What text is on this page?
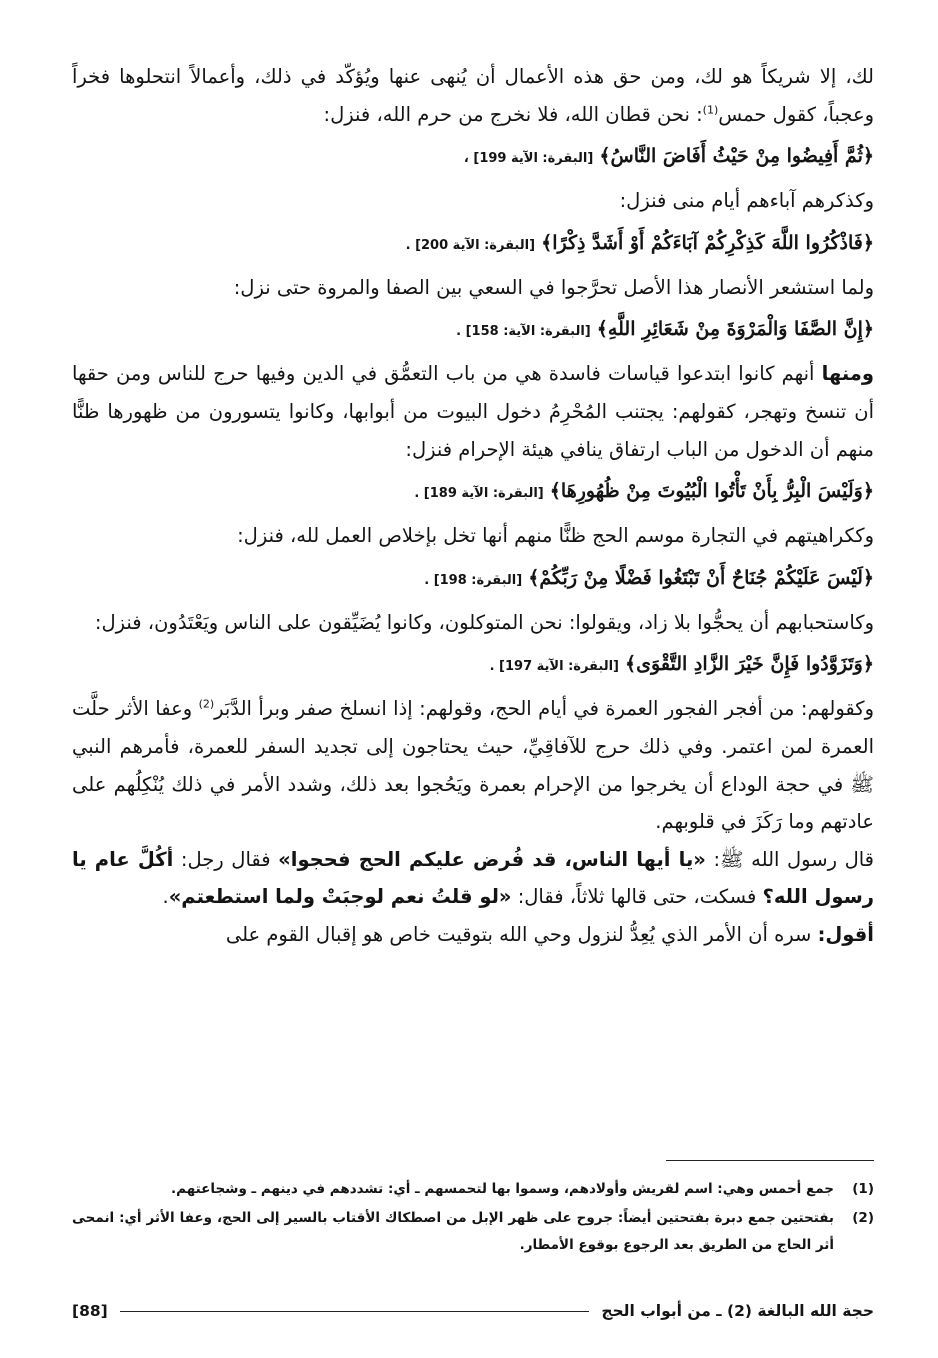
لك، إلا شريكاً هو لك، ومن حق هذه الأعمال أن يُنهى عنها ويُؤكّد في ذلك، وأعمالاً انتحلوها فخراً وعجباً، كقول حمس$^{(1)}$: نحن قطان الله، فلا نخرج من حرم الله، فنزل:

﴿ثُمَّ أَفِيضُوا مِنْ حَيْثُ أَفَاضَ النَّاسُ﴾ [البقرة: الآية 199] ،

وكذكرهم آباءهم أيام منى فنزل:

﴿فَاذْكُرُوا اللَّهَ كَذِكْرِكُمْ آبَاءَكُمْ أَوْ أَشَدَّ ذِكْرًا﴾ [البقرة: الآية 200] .

ولما استشعر الأنصار هذا الأصل تحرَّجوا في السعي بين الصفا والمروة حتى نزل:

﴿إِنَّ الصَّفَا وَالْمَرْوَةَ مِنْ شَعَائِرِ اللَّهِ﴾ [البقرة: الآية: 158] .

ومنها أنهم كانوا ابتدعوا قياسات فاسدة هي من باب التعمُّق في الدين وفيها حرج للناس ومن حقها أن تنسخ وتهجر، كقولهم: يجتنب المُحْرِمُ دخول البيوت من أبوابها، وكانوا يتسورون من ظهورها ظنًّا منهم أن الدخول من الباب ارتفاق ينافي هيئة الإحرام فنزل:

﴿وَلَيْسَ الْبِرُّ بِأَنْ تَأْتُوا الْبُيُوتَ مِنْ ظُهُورِهَا﴾ [البقرة: الآية 189] .

وككراهيتهم في التجارة موسم الحج ظنًّا منهم أنها تخل بإخلاص العمل لله، فنزل:

﴿لَيْسَ عَلَيْكُمْ جُنَاحٌ أَنْ تَبْتَغُوا فَضْلًا مِنْ رَبِّكُمْ﴾ [البقرة: 198] .

وكاستحبابهم أن يحجُّوا بلا زاد، ويقولوا: نحن المتوكلون، وكانوا يُضَيِّقون على الناس ويَعْتَدُون، فنزل:

﴿وَتَزَوَّدُوا فَإِنَّ خَيْرَ الزَّادِ التَّقْوَى﴾ [البقرة: الآية 197] .

وكقولهم: من أفجر الفجور العمرة في أيام الحج، وقولهم: إذا انسلخ صفر وبرأ الدَّبَر$^{(2)}$ وعفا الأثر حلَّت العمرة لمن اعتمر. وفي ذلك حرج للآفاقِيِّ، حيث يحتاجون إلى تجديد السفر للعمرة، فأمرهم النبي ﷺ في حجة الوداع أن يخرجوا من الإحرام بعمرة ويَحُجوا بعد ذلك، وشدد الأمر في ذلك يُنْكِلُهم على عادتهم وما رَكَزَ في قلوبهم.

قال رسول الله ﷺ: «يا أيها الناس، قد فُرض عليكم الحج فحجوا» فقال رجل: أكُلَّ عام يا رسول الله؟ فسكت، حتى قالها ثلاثاً، فقال: «لو قلتُ نعم لوجبَتْ ولما استطعتم».

أقول: سره أن الأمر الذي يُعِدُّ لنزول وحي الله بتوقيت خاص هو إقبال القوم على

(1)
جمع أحمس وهي: اسم لقريش وأولادهم، وسموا بها لتحمسهم ـ أي: تشددهم في دينهم ـ وشجاعتهم.
(2)
بفتحتين جمع دبرة بفتحتين أيضاً: جروح على ظهر الإبل من اصطكاك الأقتاب بالسير إلى الحج، وعفا الأثر أي: انمحى أثر الحاج من الطريق بعد الرجوع بوقوع الأمطار.
حجة الله البالغة (2) ـ من أبواب الحج
[88]
